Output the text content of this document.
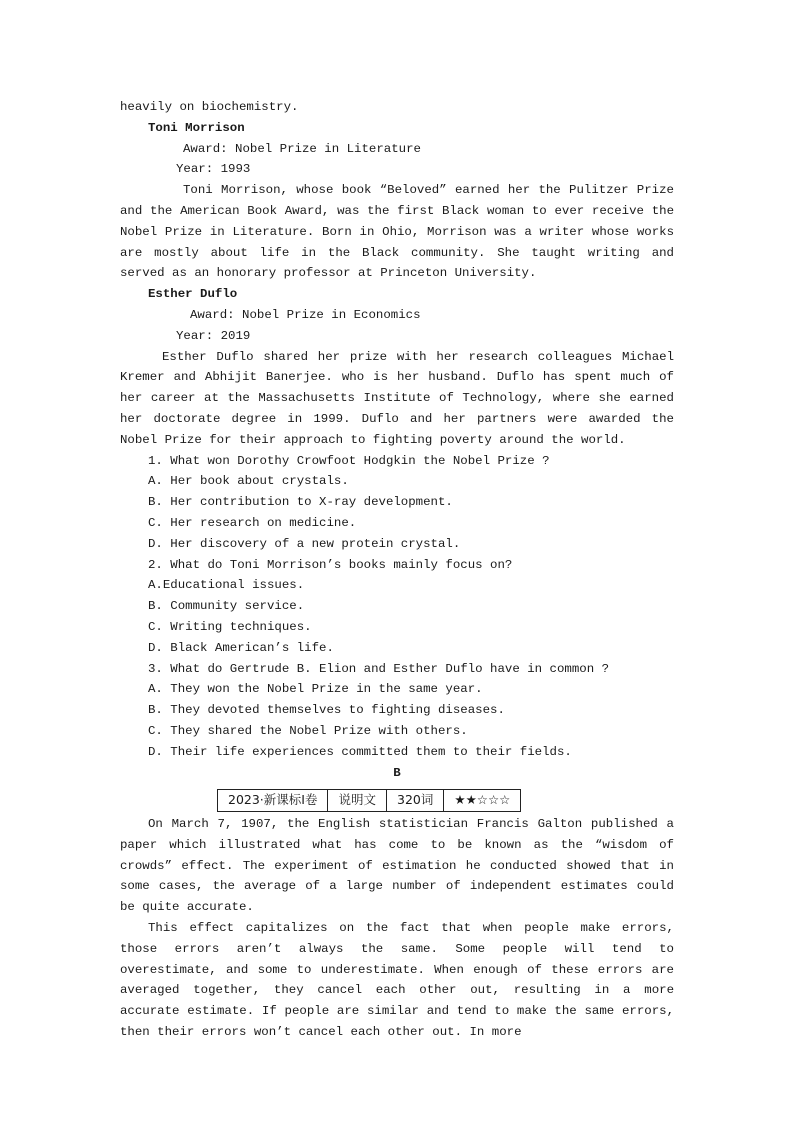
heavily on biochemistry.
Toni Morrison
Award: Nobel Prize in Literature
Year: 1993

Toni Morrison, whose book “Beloved” earned her the Pulitzer Prize and the American Book Award, was the first Black woman to ever receive the Nobel Prize in Literature. Born in Ohio, Morrison was a writer whose works are mostly about life in the Black community. She taught writing and served as an honorary professor at Princeton University.

Esther Duflo
Award: Nobel Prize in Economics
Year: 2019

Esther Duflo shared her prize with her research colleagues Michael Kremer and Abhijit Banerjee. who is her husband. Duflo has spent much of her career at the Massachusetts Institute of Technology, where she earned her doctorate degree in 1999. Duflo and her partners were awarded the Nobel Prize for their approach to fighting poverty around the world.

1. What won Dorothy Crowfoot Hodgkin the Nobel Prize ?
A. Her book about crystals.
B. Her contribution to X-ray development.
C. Her research on medicine.
D. Her discovery of a new protein crystal.
2. What do Toni Morrison’s books mainly focus on?
A.Educational issues.
B. Community service.
C. Writing techniques.
D. Black American’s life.
3. What do Gertrude B. Elion and Esther Duflo have in common ?
A. They won the Nobel Prize in the same year.
B. They devoted themselves to fighting diseases.
C. They shared the Nobel Prize with others.
D. Their life experiences committed them to their fields.
B
2023·新课标Ⅰ卷	说明文	320词	★★☆☆☆

On March 7, 1907, the English statistician Francis Galton published a paper which illustrated what has come to be known as the “wisdom of crowds” effect. The experiment of estimation he conducted showed that in some cases, the average of a large number of independent estimates could be quite accurate.

This effect capitalizes on the fact that when people make errors, those errors aren’t always the same. Some people will tend to overestimate, and some to underestimate. When enough of these errors are averaged together, they cancel each other out, resulting in a more accurate estimate. If people are similar and tend to make the same errors, then their errors won’t cancel each other out. In more
